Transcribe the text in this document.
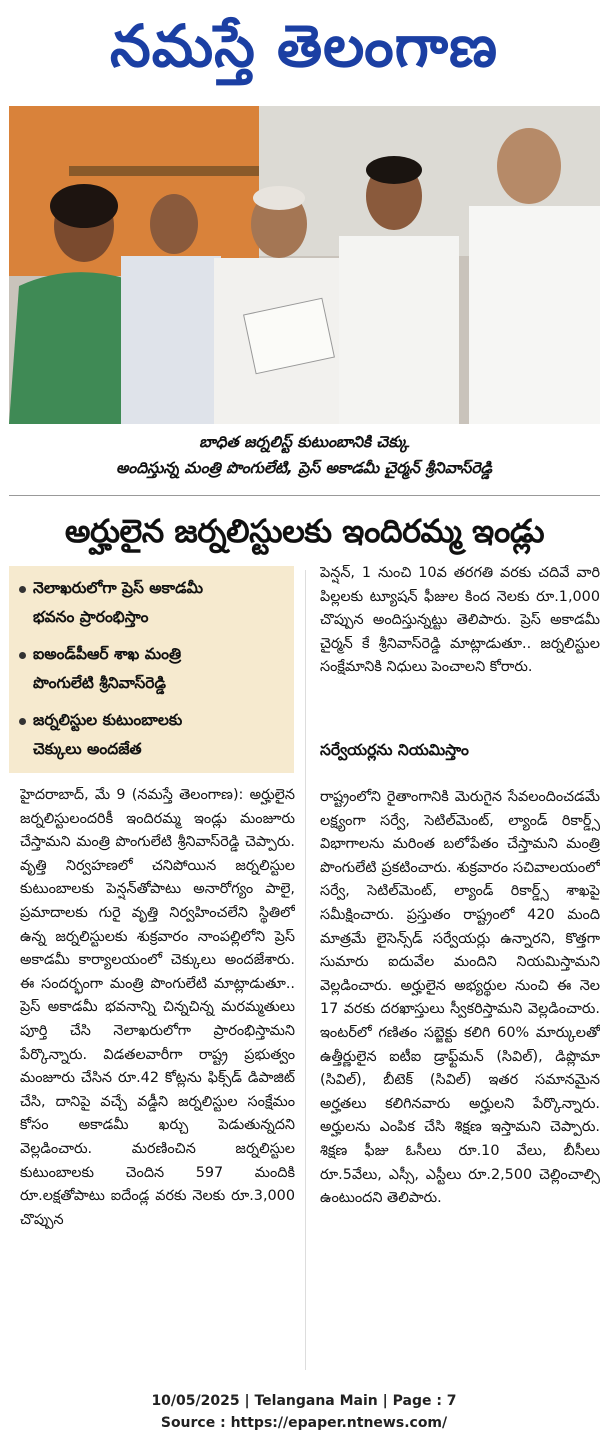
నమస్తే తెలంగాణ
బాధిత జర్నలిస్ట్ కుటుంబానికి చెక్కు
అందిస్తున్న మంత్రి పొంగులేటి, ప్రెస్ అకాడమీ చైర్మన్ శ్రీనివాస్‌రెడ్డి
అర్హులైన జర్నలిస్టులకు ఇందిరమ్మ ఇండ్లు
నెలాఖరులోగా ప్రెస్ అకాడమీ
భవనం ప్రారంభిస్తాం
ఐఅండ్‌పీఆర్ శాఖ మంత్రి
పొంగులేటి శ్రీనివాస్‌రెడ్డి
జర్నలిస్టుల కుటుంబాలకు
చెక్కులు అందజేత
పెన్షన్, 1 నుంచి 10వ తరగతి వరకు చదివే వారి పిల్లలకు ట్యూషన్ ఫీజుల కింద నెలకు రూ.1,000 చొప్పున అందిస్తున్నట్టు తెలిపారు. ప్రెస్ అకాడమీ చైర్మన్ కే శ్రీనివాస్‌రెడ్డి మాట్లాడుతూ.. జర్నలిస్టుల సంక్షేమానికి నిధులు పెంచాలని కోరారు.
సర్వేయర్లను నియమిస్తాం
రాష్ట్రంలోని రైతాంగానికి మెరుగైన సేవలందించడమే లక్ష్యంగా సర్వే, సెటిల్‌మెంట్, ల్యాండ్ రికార్డ్స్ విభాగాలను మరింత బలోపేతం చేస్తామని మంత్రి పొంగులేటి ప్రకటించారు. శుక్రవారం సచివాలయంలో సర్వే, సెటిల్‌మెంట్, ల్యాండ్ రికార్డ్స్ శాఖపై సమీక్షించారు. ప్రస్తుతం రాష్ట్రంలో 420 మంది మాత్రమే లైసెన్స్‌డ్ సర్వేయర్లు ఉన్నారని, కొత్తగా సుమారు ఐదువేల మందిని నియమిస్తామని వెల్లడించారు. అర్హులైన అభ్యర్థుల నుంచి ఈ నెల 17 వరకు దరఖాస్తులు స్వీకరిస్తామని వెల్లడించారు. ఇంటర్‌లో గణితం సబ్జెక్టు కలిగి 60% మార్కులతో ఉత్తీర్ణులైన ఐటీఐ డ్రాఫ్ట్‌మన్ (సివిల్), డిప్లొమా (సివిల్), బీటెక్ (సివిల్) ఇతర సమానమైన అర్హతలు కలిగినవారు అర్హులని పేర్కొన్నారు. అర్హులను ఎంపిక చేసి శిక్షణ ఇస్తామని చెప్పారు. శిక్షణ ఫీజు ఓసీలు రూ.10 వేలు, బీసీలు రూ.5వేలు, ఎస్సీ, ఎస్టీలు రూ.2,500 చెల్లించాల్సి ఉంటుందని తెలిపారు.
హైదరాబాద్, మే 9 (నమస్తే తెలంగాణ): అర్హులైన జర్నలిస్టులందరికీ ఇందిరమ్మ ఇండ్లు మంజూరు చేస్తామని మంత్రి పొంగులేటి శ్రీనివాస్‌రెడ్డి చెప్పారు. వృత్తి నిర్వహణలో చనిపోయిన జర్నలిస్టుల కుటుంబాలకు పెన్షన్‌తోపాటు అనారోగ్యం పాలై, ప్రమాదాలకు గురై వృత్తి నిర్వహించలేని స్థితిలో ఉన్న జర్నలిస్టులకు శుక్రవారం నాంపల్లిలోని ప్రెస్ అకాడమీ కార్యాలయంలో చెక్కులు అందజేశారు. ఈ సందర్భంగా మంత్రి పొంగులేటి మాట్లాడుతూ.. ప్రెస్ అకాడమీ భవనాన్ని చిన్నచిన్న మరమ్మతులు పూర్తి చేసి నెలాఖరులోగా ప్రారంభిస్తామని పేర్కొన్నారు. విడతలవారీగా రాష్ట్ర ప్రభుత్వం మంజూరు చేసిన రూ.42 కోట్లను ఫిక్స్‌డ్ డిపాజిట్ చేసి, దానిపై వచ్చే వడ్డీని జర్నలిస్టుల సంక్షేమం కోసం అకాడమీ ఖర్చు పెడుతున్నదని వెల్లడించారు. మరణించిన జర్నలిస్టుల కుటుంబాలకు చెందిన 597 మందికి రూ.లక్షతోపాటు ఐదేండ్ల వరకు నెలకు రూ.3,000 చొప్పున
10/05/2025 | Telangana Main | Page : 7
Source : https://epaper.ntnews.com/
